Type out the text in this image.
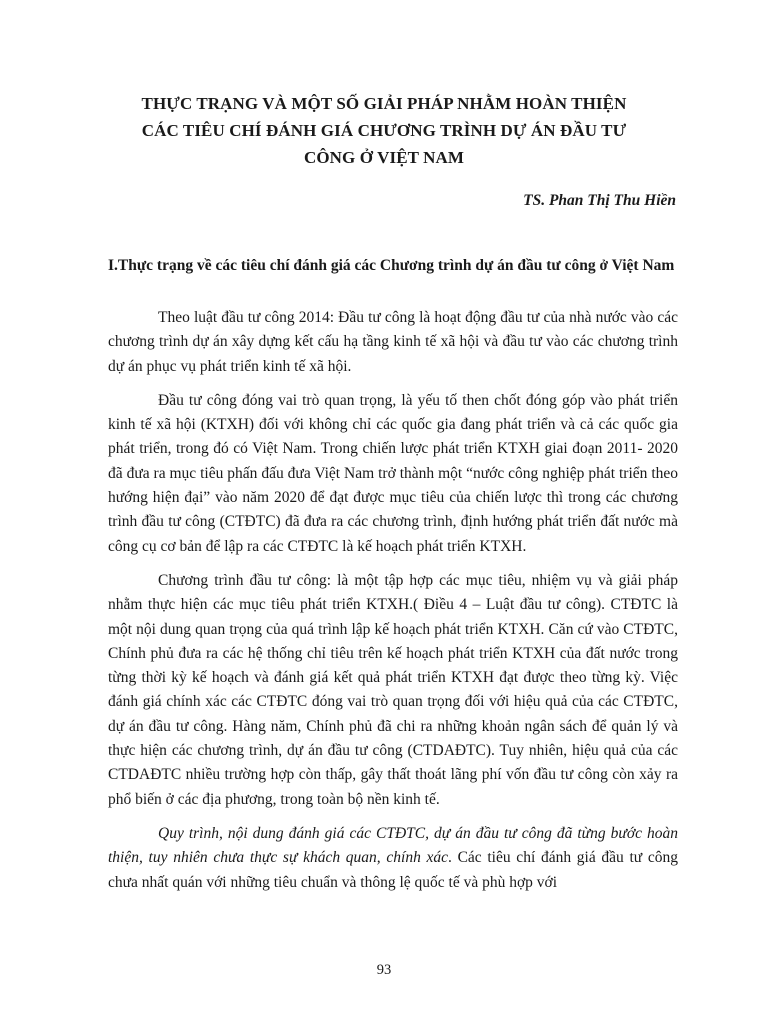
THỰC TRẠNG VÀ MỘT SỐ GIẢI PHÁP NHẰM HOÀN THIỆN
CÁC TIÊU CHÍ ĐÁNH GIÁ CHƯƠNG TRÌNH DỰ ÁN ĐẦU TƯ
CÔNG Ở VIỆT NAM
TS. Phan Thị Thu Hiền
I.Thực trạng về các tiêu chí đánh giá các Chương trình dự án đầu tư công ở Việt Nam

Theo luật đầu tư công 2014: Đầu tư công là hoạt động đầu tư của nhà nước vào các chương trình dự án xây dựng kết cấu hạ tầng kinh tế xã hội và đầu tư vào các chương trình dự án phục vụ phát triển kinh tế xã hội.

Đầu tư công đóng vai trò quan trọng, là yếu tố then chốt đóng góp vào phát triển kinh tế xã hội (KTXH) đối với không chỉ các quốc gia đang phát triển và cả các quốc gia phát triển, trong đó có Việt Nam. Trong chiến lược phát triển KTXH giai đoạn 2011- 2020 đã đưa ra mục tiêu phấn đấu đưa Việt Nam trở thành một “nước công nghiệp phát triển theo hướng hiện đại” vào năm 2020 để đạt được mục tiêu của chiến lược thì trong các chương trình đầu tư công (CTĐTC) đã đưa ra các chương trình, định hướng phát triển đất nước mà công cụ cơ bản để lập ra các CTĐTC là kế hoạch phát triển KTXH.

Chương trình đầu tư công: là một tập hợp các mục tiêu, nhiệm vụ và giải pháp nhằm thực hiện các mục tiêu phát triển KTXH.( Điều 4 – Luật đầu tư công). CTĐTC là một nội dung quan trọng của quá trình lập kế hoạch phát triển KTXH. Căn cứ vào CTĐTC, Chính phủ đưa ra các hệ thống chỉ tiêu trên kế hoạch phát triển KTXH của đất nước trong từng thời kỳ kế hoạch và đánh giá kết quả phát triển KTXH đạt được theo từng kỳ. Việc đánh giá chính xác các CTĐTC đóng vai trò quan trọng đối với hiệu quả của các CTĐTC, dự án đầu tư công. Hàng năm, Chính phủ đã chi ra những khoản ngân sách để quản lý và thực hiện các chương trình, dự án đầu tư công (CTDAĐTC). Tuy nhiên, hiệu quả của các CTDAĐTC nhiều trường hợp còn thấp, gây thất thoát lãng phí vốn đầu tư công còn xảy ra phổ biến ở các địa phương, trong toàn bộ nền kinh tế.

Quy trình, nội dung đánh giá các CTĐTC, dự án đầu tư công đã từng bước hoàn thiện, tuy nhiên chưa thực sự khách quan, chính xác. Các tiêu chí đánh giá đầu tư công chưa nhất quán với những tiêu chuẩn và thông lệ quốc tế và phù hợp với

93
